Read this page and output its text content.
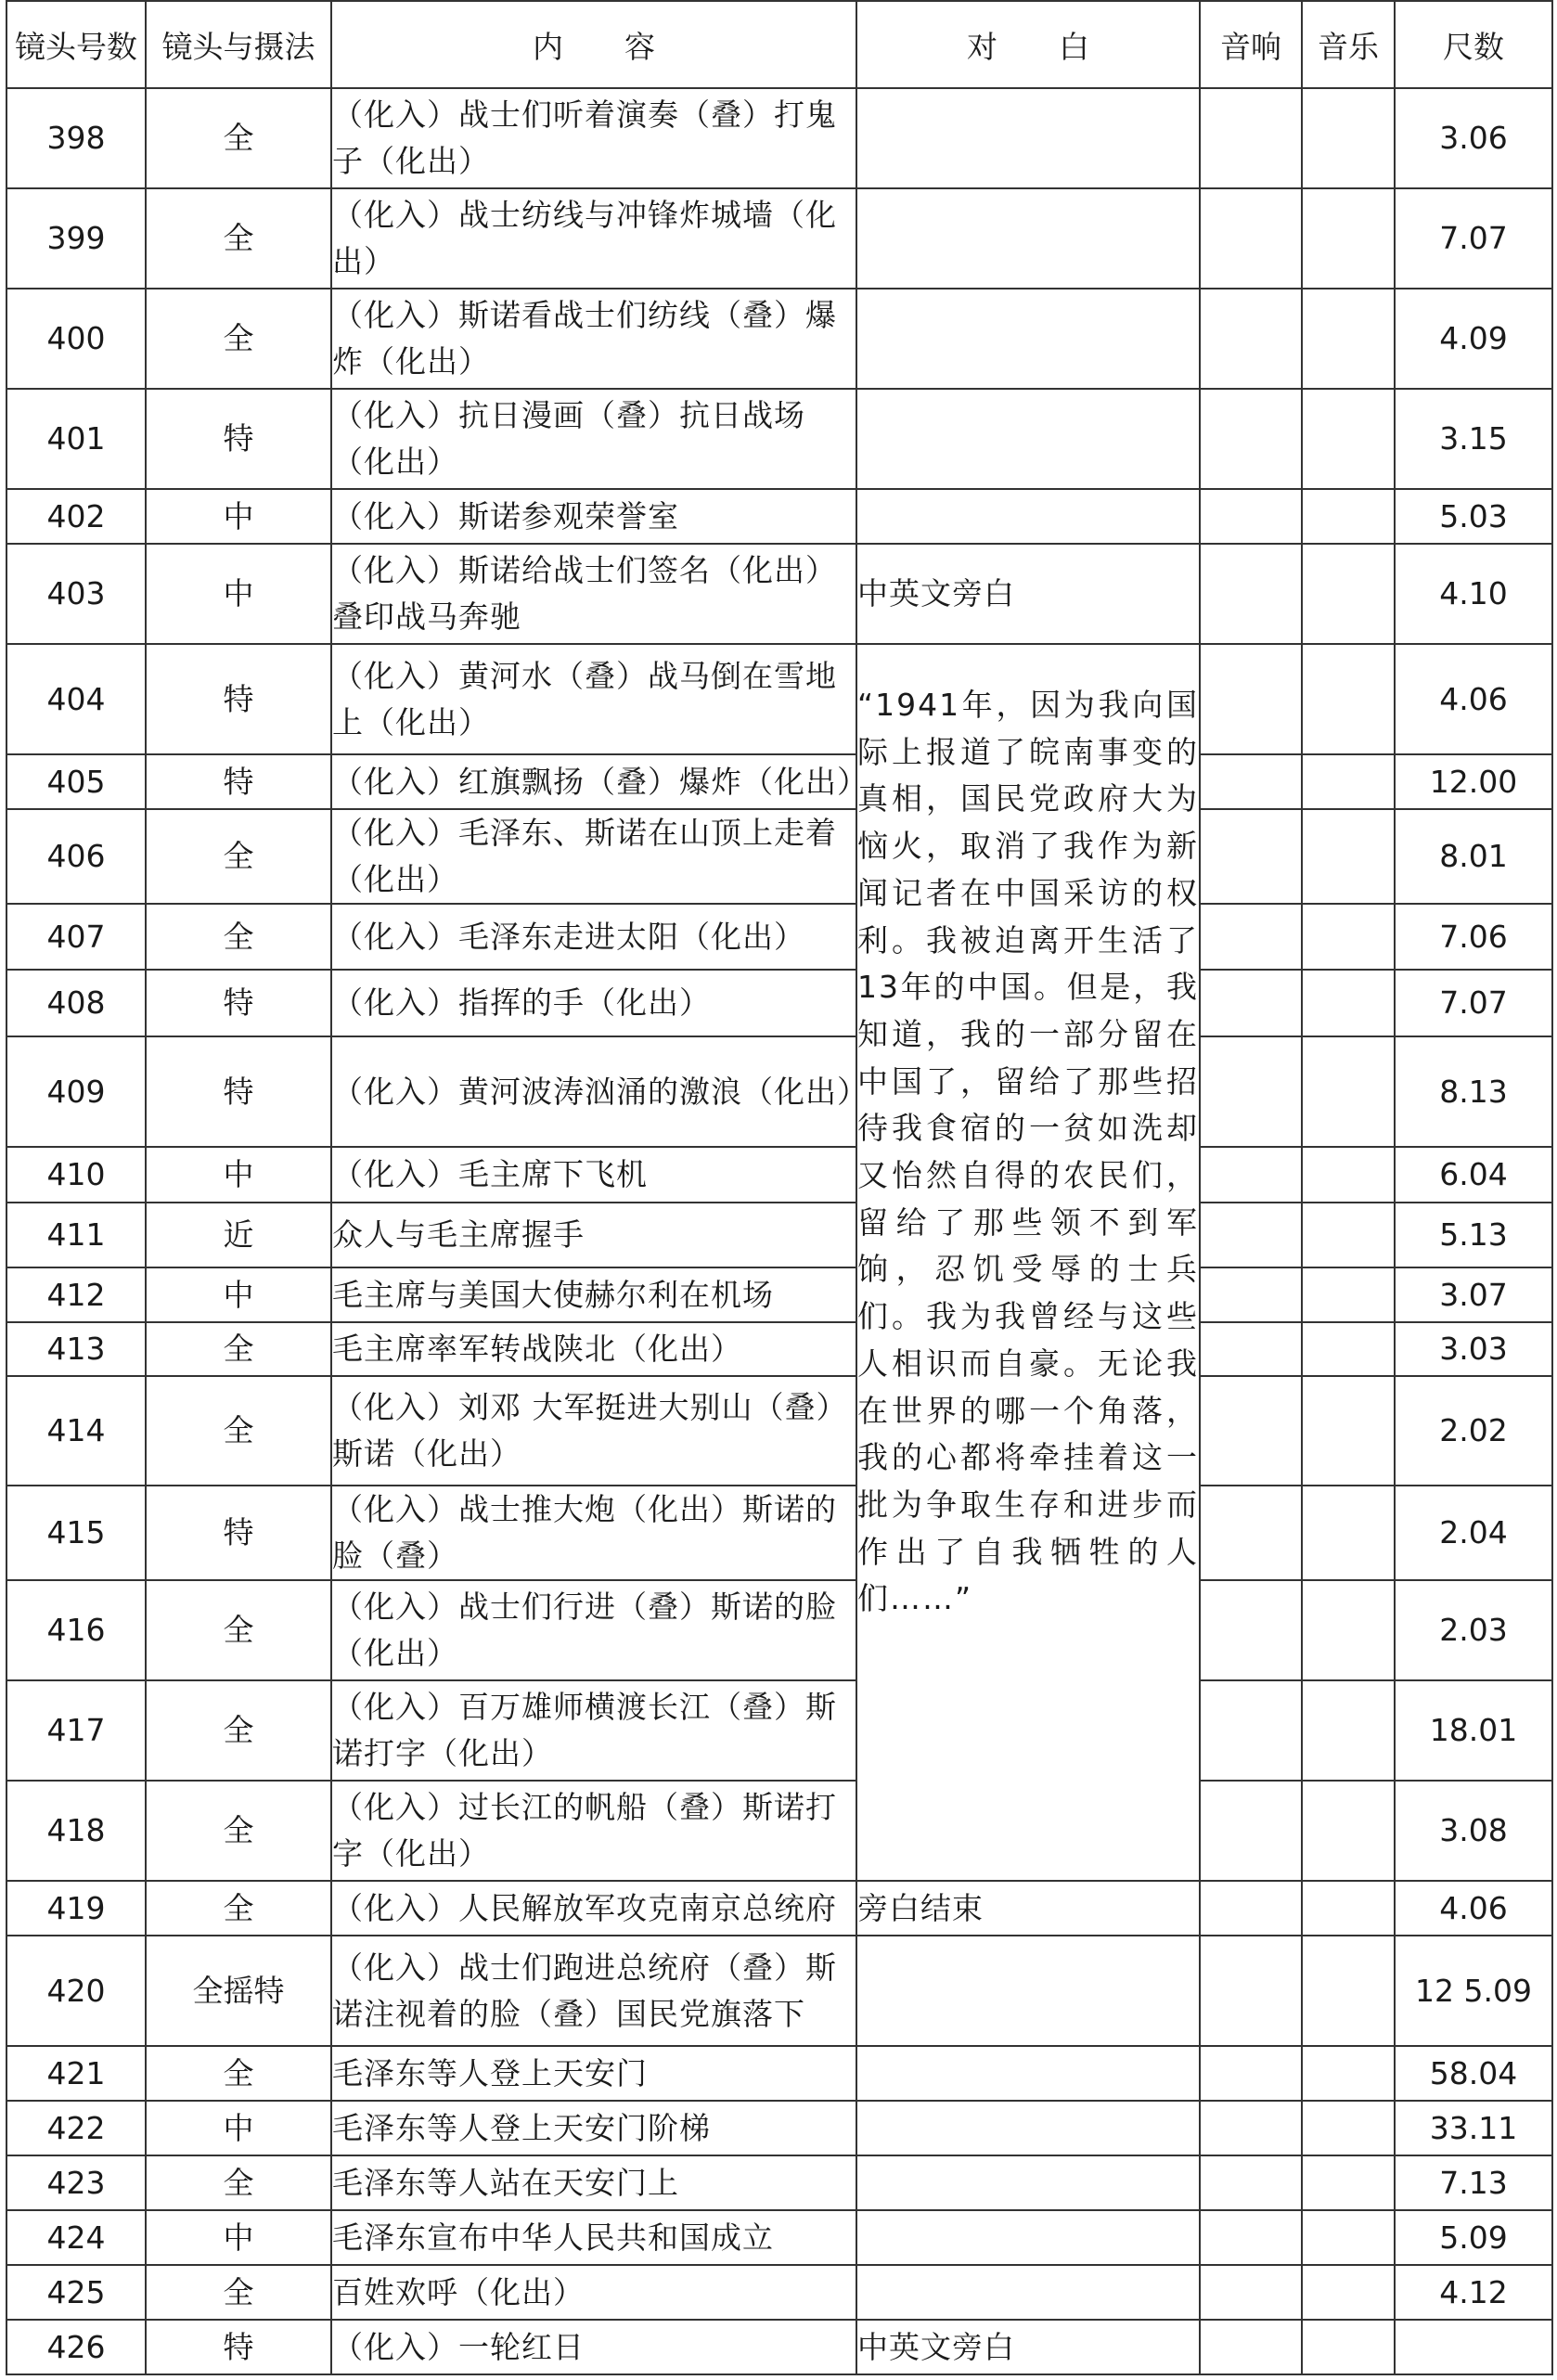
镜头号数	镜头与摄法	内　　容	对　　白	音响	音乐	尺数
398	全	（化入）战士们听着演奏（叠）打鬼子（化出）				3.06
399	全	（化入）战士纺线与冲锋炸城墙（化出）				7.07
400	全	（化入）斯诺看战士们纺线（叠）爆炸（化出）				4.09
401	特	（化入）抗日漫画（叠）抗日战场（化出）				3.15
402	中	（化入）斯诺参观荣誉室				5.03
403	中	（化入）斯诺给战士们签名（化出）叠印战马奔驰	中英文旁白			4.10
404	特	（化入）黄河水（叠）战马倒在雪地上（化出）	“1941年，因为我向国际上报道了皖南事变的真相，国民党政府大为恼火，取消了我作为新闻记者在中国采访的权利。我被迫离开生活了13年的中国。但是，我知道，我的一部分留在中国了，留给了那些招待我食宿的一贫如洗却又怡然自得的农民们，留给了那些领不到军饷，忍饥受辱的士兵们。我为我曾经与这些人相识而自豪。无论我在世界的哪一个角落，我的心都将牵挂着这一批为争取生存和进步而作出了自我牺牲的人们……”			4.06
405	特	（化入）红旗飘扬（叠）爆炸（化出）				12.00
406	全	（化入）毛泽东、斯诺在山顶上走着（化出）				8.01
407	全	（化入）毛泽东走进太阳（化出）				7.06
408	特	（化入）指挥的手（化出）				7.07
409	特	（化入）黄河波涛汹涌的激浪（化出）				8.13
410	中	（化入）毛主席下飞机				6.04
411	近	众人与毛主席握手				5.13
412	中	毛主席与美国大使赫尔利在机场				3.07
413	全	毛主席率军转战陕北（化出）				3.03
414	全	（化入）刘邓 大军挺进大别山（叠）斯诺（化出）				2.02
415	特	（化入）战士推大炮（化出）斯诺的脸（叠）				2.04
416	全	（化入）战士们行进（叠）斯诺的脸（化出）				2.03
417	全	（化入）百万雄师横渡长江（叠）斯诺打字（化出）				18.01
418	全	（化入）过长江的帆船（叠）斯诺打字（化出）				3.08
419	全	（化入）人民解放军攻克南京总统府	旁白结束			4.06
420	全摇特	（化入）战士们跑进总统府（叠）斯诺注视着的脸（叠）国民党旗落下				12 5.09
421	全	毛泽东等人登上天安门				58.04
422	中	毛泽东等人登上天安门阶梯				33.11
423	全	毛泽东等人站在天安门上				7.13
424	中	毛泽东宣布中华人民共和国成立				5.09
425	全	百姓欢呼（化出）				4.12
426	特	（化入）一轮红日	中英文旁白			
